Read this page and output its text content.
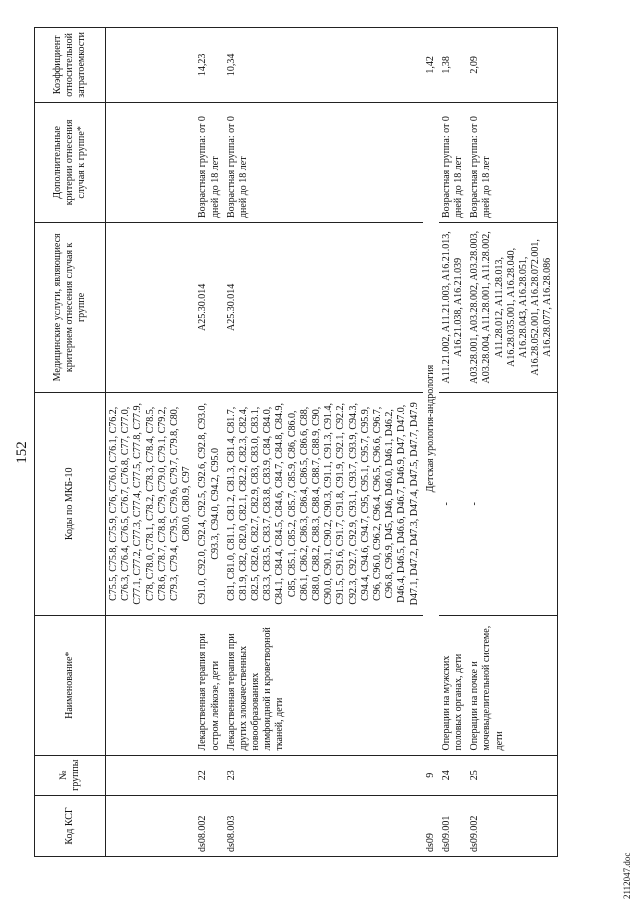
152
Код КСГ	№ группы	Наименование*	Коды по МКБ-10	Медицинские услуги, являющиеся критерием отнесения случая к группе	Дополнительные критерии отнесения случая к группе*	Коэффициент относительной затратоемкости
			C75.5, C75.8, C75.9, C76, C76.0, C76.1, C76.2, C76.3, C76.4, C76.5, C76.7, C76.8, C77, C77.0, C77.1, C77.2, C77.3, C77.4, C77.5, C77.8, C77.9, C78, C78.0, C78.1, C78.2, C78.3, C78.4, C78.5, C78.6, C78.7, C78.8, C79, C79.0, C79.1, C79.2, C79.3, C79.4, C79.5, C79.6, C79.7, C79.8, C80, C80.0, C80.9, C97			
ds08.002	22	Лекарственная терапия при остром лейкозе, дети	C91.0, C92.0, C92.4, C92.5, C92.6, C92.8, C93.0, C93.3, C94.0, C94.2, C95.0	A25.30.014	Возрастная группа: от 0 дней до 18 лет	14,23
ds08.003	23	Лекарственная терапия при других злокачественных новообразованиях лимфоидной и кроветворной тканей, дети	C81, C81.0, C81.1, C81.2, C81.3, C81.4, C81.7, C81.9, C82, C82.0, C82.1, C82.2, C82.3, C82.4, C82.5, C82.6, C82.7, C82.9, C83, C83.0, C83.1, C83.3, C83.5, C83.7, C83.8, C83.9, C84, C84.0, C84.1, C84.4, C84.5, C84.6, C84.7, C84.8, C84.9, C85, C85.1, C85.2, C85.7, C85.9, C86, C86.0, C86.1, C86.2, C86.3, C86.4, C86.5, C86.6, C88, C88.0, C88.2, C88.3, C88.4, C88.7, C88.9, C90, C90.0, C90.1, C90.2, C90.3, C91.1, C91.3, C91.4, C91.5, C91.6, C91.7, C91.8, C91.9, C92.1, C92.2, C92.3, C92.7, C92.9, C93.1, C93.7, C93.9, C94.3, C94.4, C94.6, C94.7, C95, C95.1, C95.7, C95.9, C96, C96.0, C96.2, C96.4, C96.5, C96.6, C96.7, C96.8, C96.9, D45, D46, D46.0, D46.1, D46.2, D46.4, D46.5, D46.6, D46.7, D46.9, D47, D47.0, D47.1, D47.2, D47.3, D47.4, D47.5, D47.7, D47.9	A25.30.014	Возрастная группа: от 0 дней до 18 лет	10,34
ds09	9	Детская урология-андрология				1,42
ds09.001	24	Операции на мужских половых органах, дети	-	A11.21.002, A11.21.003, A16.21.013, A16.21.038, A16.21.039	Возрастная группа: от 0 дней до 18 лет	1,38
ds09.002	25	Операции на почке и мочевыделительной системе, дети	-	A03.28.001, A03.28.002, A03.28.003, A03.28.004, A11.28.001, A11.28.002, A11.28.012, A11.28.013, A16.28.035.001, A16.28.040, A16.28.043, A16.28.051, A16.28.052.001, A16.28.072.001, A16.28.077, A16.28.086	Возрастная группа: от 0 дней до 18 лет	2,09
2112047.doc
